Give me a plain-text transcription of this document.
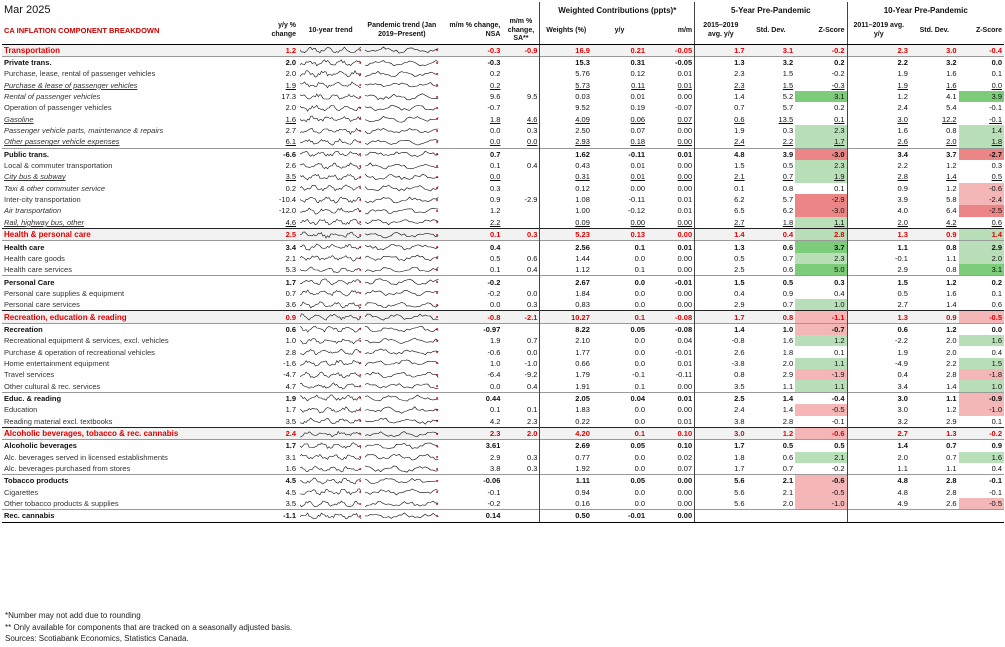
Mar 2025						Weighted Contributions (ppts)*			5-Year Pre-Pandemic			10-Year Pre-Pandemic		
CA INFLATION COMPONENT BREAKDOWN	y/y % change	10-year trend	Pandemic trend (Jan 2019–Present)	m/m % change, NSA	m/m % change, SA**	Weights (%)	y/y	m/m	2015–2019 avg. y/y	Std. Dev.	Z-Score	2011–2019 avg. y/y	Std. Dev.	Z-Score
Transportation	1.2			-0.3	-0.9	16.9	0.21	-0.05	1.7	3.1	-0.2	2.3	3.0	-0.4
Private trans.	2.0			-0.3		15.3	0.31	-0.05	1.3	3.2	0.2	2.2	3.2	0.0
Purchase, lease, rental of passenger vehicles	2.0			0.2		5.76	0.12	0.01	2.3	1.5	-0.2	1.9	1.6	0.1
Purchase & lease of passenger vehicles	1.9			0.2		5.73	0.11	0.01	2.3	1.5	-0.3	1.9	1.6	0.0
Rental of passenger vehicles	17.3			9.6	9.5	0.03	0.01	0.00	1.4	5.2	3.1	1.2	4.1	3.9
Operation of passenger vehicles	2.0			-0.7		9.52	0.19	-0.07	0.7	5.7	0.2	2.4	5.4	-0.1
Gasoline	1.6			1.8	4.6	4.09	0.06	0.07	0.6	13.5	0.1	3.0	12.2	-0.1
Passenger vehicle parts, maintenance & repairs	2.7			0.0	0.3	2.50	0.07	0.00	1.9	0.3	2.3	1.6	0.8	1.4
Other passenger vehicle expenses	6.1			0.0	0.0	2.93	0.18	0.00	2.4	2.2	1.7	2.6	2.0	1.8
Public trans.	-6.6			0.7		1.62	-0.11	0.01	4.8	3.9	-3.0	3.4	3.7	-2.7
Local & commuter transportation	2.6			0.1	0.4	0.43	0.01	0.00	1.5	0.5	2.3	2.2	1.2	0.3
City bus & subway	3.5			0.0		0.31	0.01	0.00	2.1	0.7	1.9	2.8	1.4	0.5
Taxi & other commuter service	0.2			0.3		0.12	0.00	0.00	0.1	0.8	0.1	0.9	1.2	-0.6
Inter-city transportation	-10.4			0.9	-2.9	1.08	-0.11	0.01	6.2	5.7	-2.9	3.9	5.8	-2.4
Air transportation	-12.0			1.2		1.00	-0.12	0.01	6.5	6.2	-3.0	4.0	6.4	-2.5
Rail, highway bus, other	4.6			2.2		0.09	0.00	0.00	2.7	1.8	1.1	2.0	4.2	0.6
Health & personal care	2.5			0.1	0.3	5.23	0.13	0.00	1.4	0.4	2.8	1.3	0.9	1.4
Health care	3.4			0.4		2.56	0.1	0.01	1.3	0.6	3.7	1.1	0.8	2.9
Health care goods	2.1			0.5	0.6	1.44	0.0	0.00	0.5	0.7	2.3	-0.1	1.1	2.0
Health care services	5.3			0.1	0.4	1.12	0.1	0.00	2.5	0.6	5.0	2.9	0.8	3.1
Personal Care	1.7			-0.2		2.67	0.0	-0.01	1.5	0.5	0.3	1.5	1.2	0.2
Personal care supplies & equipment	0.7			-0.2	0.0	1.84	0.0	0.00	0.4	0.9	0.4	0.5	1.6	0.1
Personal care services	3.6			0.0	0.3	0.83	0.0	0.00	2.9	0.7	1.0	2.7	1.4	0.6
Recreation, education & reading	0.9			-0.8	-2.1	10.27	0.1	-0.08	1.7	0.8	-1.1	1.3	0.9	-0.5
Recreation	0.6			-0.97		8.22	0.05	-0.08	1.4	1.0	-0.7	0.6	1.2	0.0
Recreational equipment & services, excl. vehicles	1.0			1.9	0.7	2.10	0.0	0.04	-0.8	1.6	1.2	-2.2	2.0	1.6
Purchase & operation of recreational vehicles	2.8			-0.6	0.0	1.77	0.0	-0.01	2.6	1.8	0.1	1.9	2.0	0.4
Home entertainment equipment	-1.6			1.0	-1.0	0.66	0.0	0.01	-3.8	2.0	1.1	-4.9	2.2	1.5
Travel services	-4.7			-6.4	-9.2	1.79	-0.1	-0.11	0.8	2.9	-1.9	0.4	2.8	-1.8
Other cultural & rec. services	4.7			0.0	0.4	1.91	0.1	0.00	3.5	1.1	1.1	3.4	1.4	1.0
Educ. & reading	1.9			0.44		2.05	0.04	0.01	2.5	1.4	-0.4	3.0	1.1	-0.9
Education	1.7			0.1	0.1	1.83	0.0	0.00	2.4	1.4	-0.5	3.0	1.2	-1.0
Reading material excl. textbooks	3.5			4.2	2.3	0.22	0.0	0.01	3.8	2.8	-0.1	3.2	2.9	0.1
Alcoholic beverages, tobacco & rec. cannabis	2.4			2.3	2.0	4.20	0.1	0.10	3.0	1.2	-0.6	2.7	1.3	-0.2
Alcoholic beverages	1.7			3.61		2.69	0.05	0.10	1.7	0.5	0.5	1.4	0.7	0.9
Alc. beverages served in licensed establishments	3.1			2.9	0.3	0.77	0.0	0.02	1.8	0.6	2.1	2.0	0.7	1.6
Alc. beverages purchased from stores	1.6			3.8	0.3	1.92	0.0	0.07	1.7	0.7	-0.2	1.1	1.1	0.4
Tobacco products	4.5			-0.06		1.11	0.05	0.00	5.6	2.1	-0.6	4.8	2.8	-0.1
Cigarettes	4.5			-0.1		0.94	0.0	0.00	5.6	2.1	-0.5	4.8	2.8	-0.1
Other tobacco products & supplies	3.5			-0.2		0.16	0.0	0.00	5.6	2.0	-1.0	4.9	2.6	-0.5
Rec. cannabis	-1.1			0.14		0.50	-0.01	0.00						
*Number may not add due to rounding
** Only available for components that are tracked on a seasonally adjusted basis.
Sources: Scotiabank Economics, Statistics Canada.
